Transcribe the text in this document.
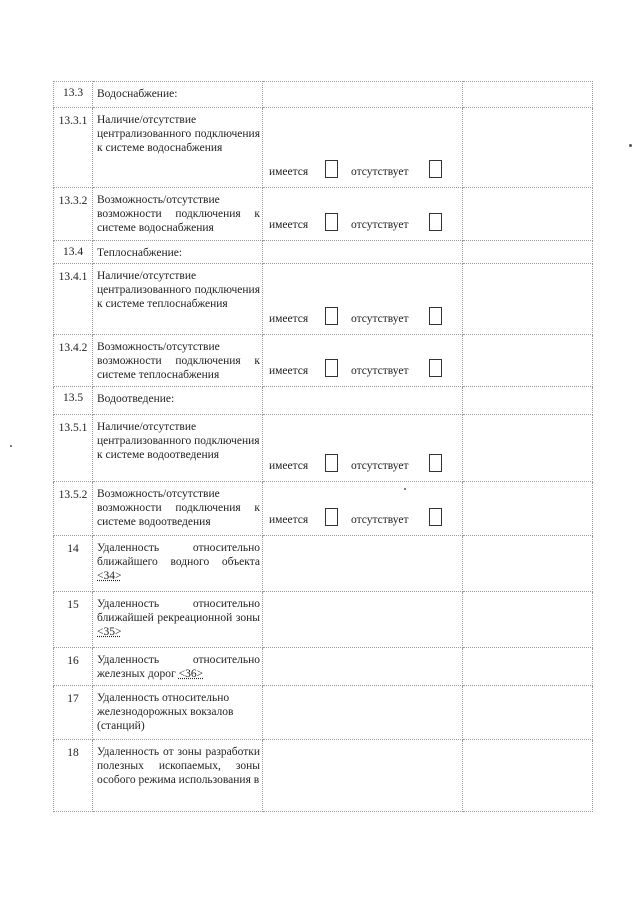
13.3	Водоснабжение:		
13.3.1	Наличие/отсутствие централизованного подключения к системе водоснабжения	имеется отсутствует	

13.3.2	Возможность/отсутствие возможности подключения к системе водоснабжения	имеется отсутствует	

13.4	Теплоснабжение:		
13.4.1	Наличие/отсутствие централизованного подключения к системе теплоснабжения	имеется отсутствует	

13.4.2	Возможность/отсутствие возможности подключения к системе теплоснабжения	имеется отсутствует	

13.5	Водоотведение:		
13.5.1	Наличие/отсутствие централизованного подключения к системе водоотведения	имеется отсутствует	

13.5.2	Возможность/отсутствие возможности подключения к системе водоотведения	имеется отсутствует	

14	Удаленность относительно ближайшего водного объекта <34>		
15	Удаленность относительно ближайшей рекреационной зоны <35>		
16	Удаленность относительно железных дорог <36>		
17	Удаленность относительно железнодорожных вокзалов (станций)		
18	Удаленность от зоны разработки полезных ископаемых, зоны особого режима использования в		
